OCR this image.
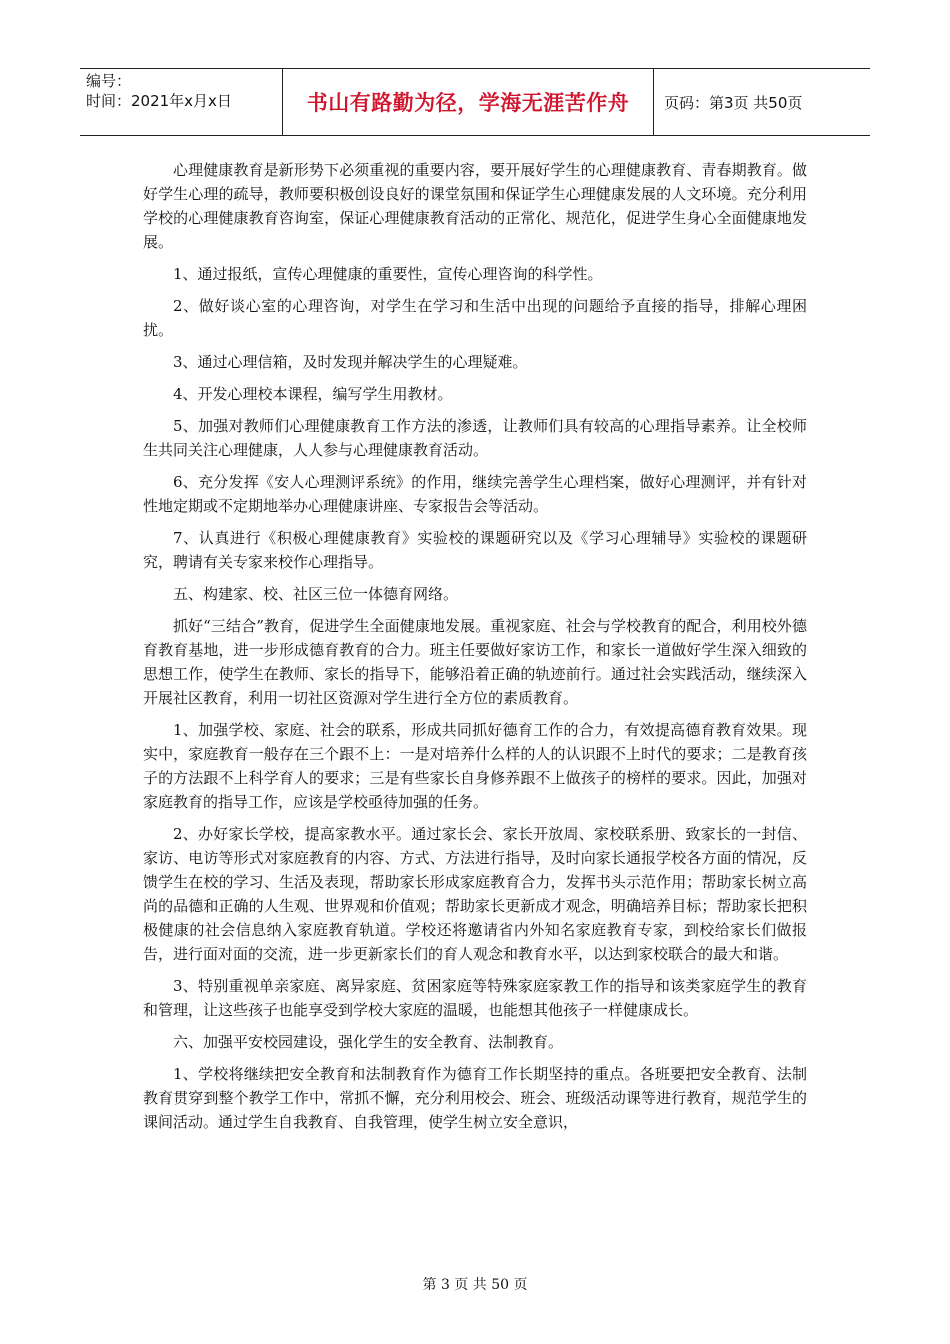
编号：
时间：2021年x月x日	书山有路勤为径，学海无涯苦作舟 页码：第3页 共50页

心理健康教育是新形势下必须重视的重要内容，要开展好学生的心理健康教育、青春期教育。做好学生心理的疏导，教师要积极创设良好的课堂氛围和保证学生心理健康发展的人文环境。充分利用学校的心理健康教育咨询室，保证心理健康教育活动的正常化、规范化，促进学生身心全面健康地发展。

1、通过报纸，宣传心理健康的重要性，宣传心理咨询的科学性。

2、做好谈心室的心理咨询，对学生在学习和生活中出现的问题给予直接的指导，排解心理困扰。

3、通过心理信箱，及时发现并解决学生的心理疑难。

4、开发心理校本课程，编写学生用教材。

5、加强对教师们心理健康教育工作方法的渗透，让教师们具有较高的心理指导素养。让全校师生共同关注心理健康，人人参与心理健康教育活动。

6、充分发挥《安人心理测评系统》的作用，继续完善学生心理档案，做好心理测评，并有针对性地定期或不定期地举办心理健康讲座、专家报告会等活动。

7、认真进行《积极心理健康教育》实验校的课题研究以及《学习心理辅导》实验校的课题研究，聘请有关专家来校作心理指导。

五、构建家、校、社区三位一体德育网络。

抓好“三结合”教育，促进学生全面健康地发展。重视家庭、社会与学校教育的配合，利用校外德育教育基地，进一步形成德育教育的合力。班主任要做好家访工作，和家长一道做好学生深入细致的思想工作，使学生在教师、家长的指导下，能够沿着正确的轨迹前行。通过社会实践活动，继续深入开展社区教育，利用一切社区资源对学生进行全方位的素质教育。

1、加强学校、家庭、社会的联系，形成共同抓好德育工作的合力，有效提高德育教育效果。现实中，家庭教育一般存在三个跟不上：一是对培养什么样的人的认识跟不上时代的要求；二是教育孩子的方法跟不上科学育人的要求；三是有些家长自身修养跟不上做孩子的榜样的要求。因此，加强对家庭教育的指导工作，应该是学校亟待加强的任务。

2、办好家长学校，提高家教水平。通过家长会、家长开放周、家校联系册、致家长的一封信、家访、电访等形式对家庭教育的内容、方式、方法进行指导，及时向家长通报学校各方面的情况，反馈学生在校的学习、生活及表现，帮助家长形成家庭教育合力，发挥书头示范作用；帮助家长树立高尚的品德和正确的人生观、世界观和价值观；帮助家长更新成才观念，明确培养目标；帮助家长把积极健康的社会信息纳入家庭教育轨道。学校还将邀请省内外知名家庭教育专家，到校给家长们做报告，进行面对面的交流，进一步更新家长们的育人观念和教育水平，以达到家校联合的最大和谐。

3、特别重视单亲家庭、离异家庭、贫困家庭等特殊家庭家教工作的指导和该类家庭学生的教育和管理，让这些孩子也能享受到学校大家庭的温暖，也能想其他孩子一样健康成长。

六、加强平安校园建设，强化学生的安全教育、法制教育。

1、学校将继续把安全教育和法制教育作为德育工作长期坚持的重点。各班要把安全教育、法制教育贯穿到整个教学工作中，常抓不懈，充分利用校会、班会、班级活动课等进行教育，规范学生的课间活动。通过学生自我教育、自我管理，使学生树立安全意识，

第 3 页 共 50 页
